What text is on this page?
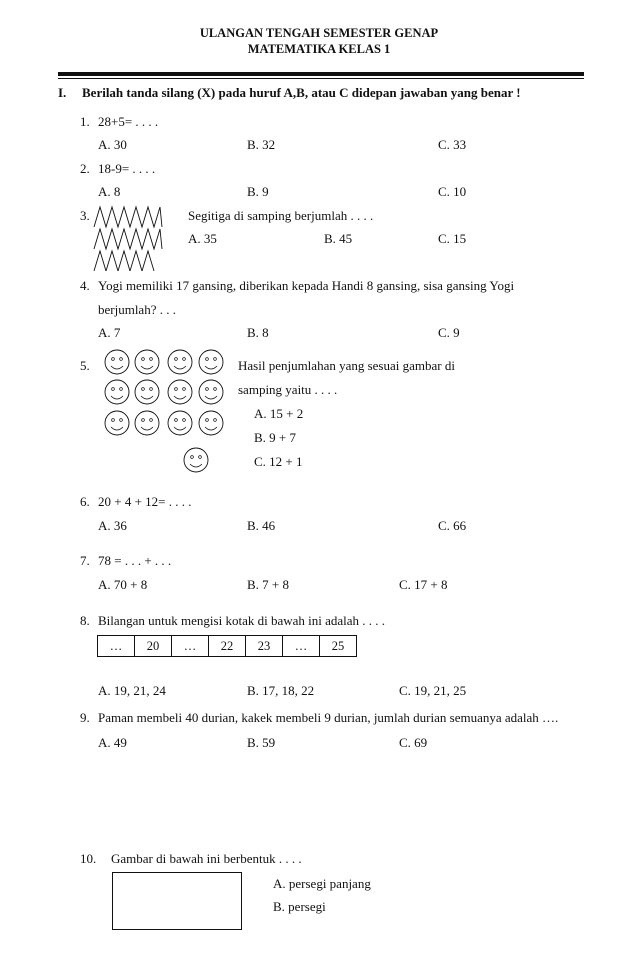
ULANGAN TENGAH SEMESTER GENAP
MATEMATIKA KELAS 1
I. Berilah tanda silang (X) pada huruf A,B, atau C didepan jawaban yang benar !
1. 28+5= . . . .
A. 30	B. 32	C. 33
2. 18-9= . . . .
A. 8	B. 9	C. 10
3.	Segitiga di samping berjumlah . . . .
A. 35	B. 45	C. 15
4. Yogi memiliki 17 gansing, diberikan kepada Handi 8 gansing, sisa gansing Yogi
berjumlah? . . .
A. 7	B. 8	C. 9
5.	Hasil penjumlahan yang sesuai gambar di
samping yaitu . . . .
A. 15 + 2
B. 9 + 7
C. 12 + 1
6. 20 + 4 + 12= . . . .
A. 36	B. 46	C. 66
7. 78 = . . . + . . .
A. 70 + 8	B. 7 + 8	C. 17 + 8
8. Bilangan untuk mengisi kotak di bawah ini adalah . . . .
…	20	…	22	23	…	25
A. 19, 21, 24	B. 17, 18, 22	C. 19, 21, 25
9. Paman membeli 40 durian, kakek membeli 9 durian, jumlah durian semuanya adalah ….
A. 49	B. 59	C. 69
10. Gambar di bawah ini berbentuk . . . .
A. persegi panjang
B. persegi
